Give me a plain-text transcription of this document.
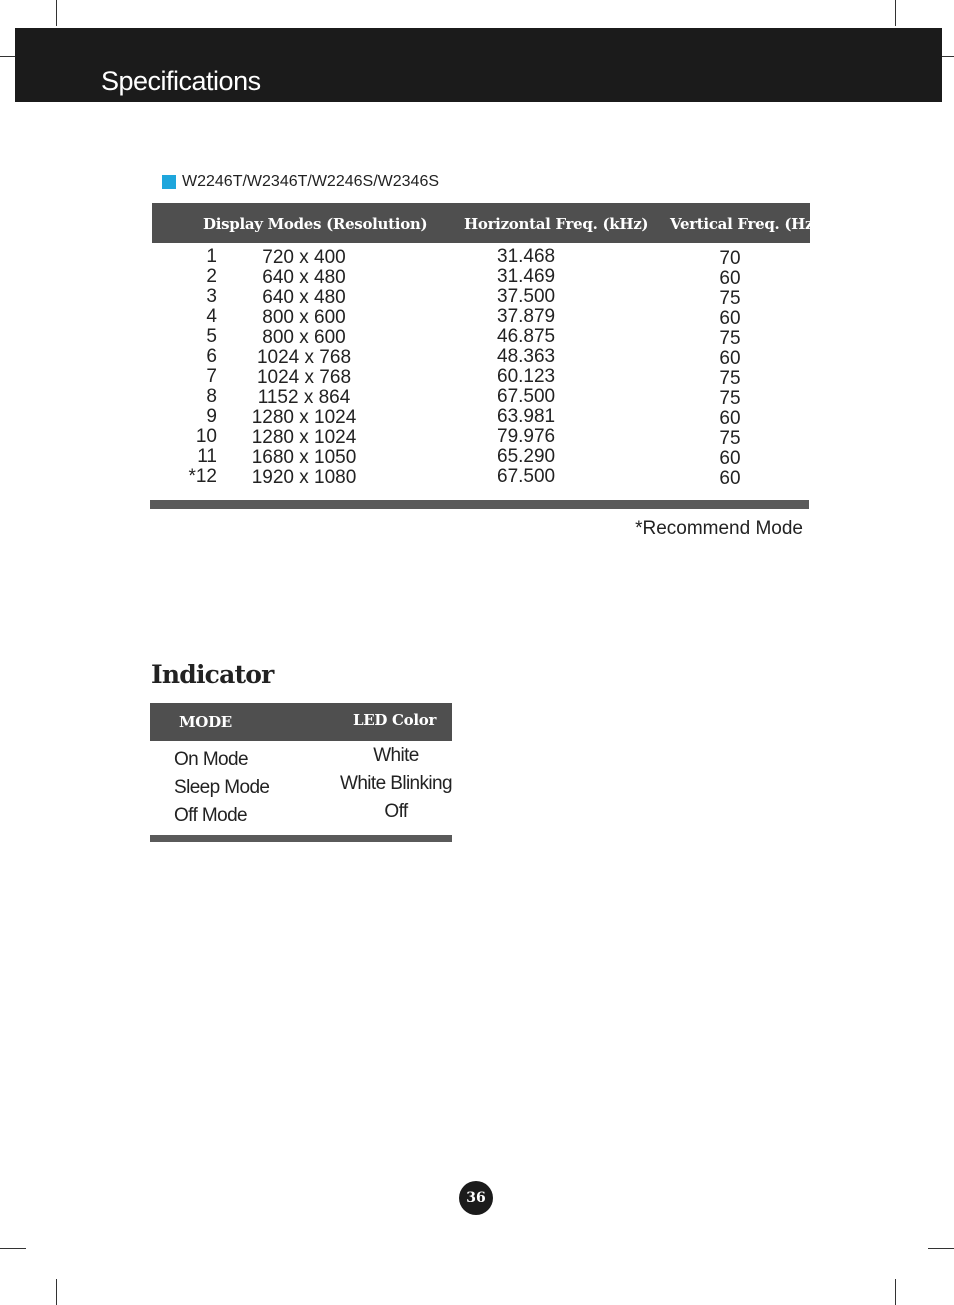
Specifications
W2246T/W2346T/W2246S/W2346S
Display Modes (Resolution) Horizontal Freq. (kHz) Vertical Freq. (Hz)
1
2
3
4
5
6
7
8
9
10
11
*12
720 x 400
640 x 480
640 x 480
800 x 600
800 x 600
1024 x 768
1024 x 768
1152 x 864
1280 x 1024
1280 x 1024
1680 x 1050
1920 x 1080
31.468
31.469
37.500
37.879
46.875
48.363
60.123
67.500
63.981
79.976
65.290
67.500
70
60
75
60
75
60
75
75
60
75
60
60
*Recommend Mode
Indicator
MODE	LED Color
On Mode
Sleep Mode
Off Mode
White
White Blinking
Off
36
